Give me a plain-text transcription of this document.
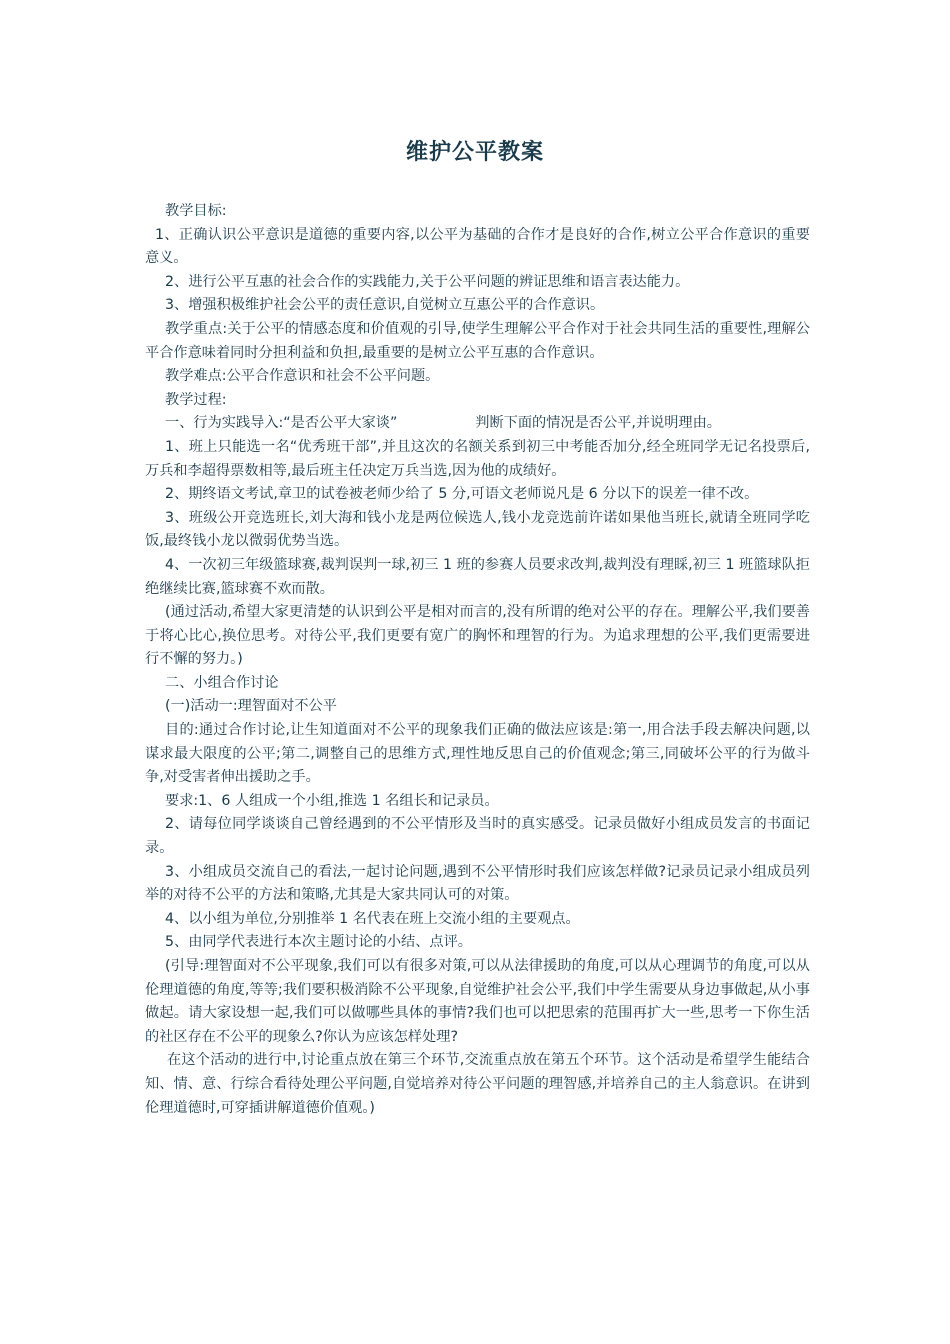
维护公平教案

教学目标:

1、正确认识公平意识是道德的重要内容,以公平为基础的合作才是良好的合作,树立公平合作意识的重要意义。

2、进行公平互惠的社会合作的实践能力,关于公平问题的辨证思维和语言表达能力。

3、增强积极维护社会公平的责任意识,自觉树立互惠公平的合作意识。

教学重点:关于公平的情感态度和价值观的引导,使学生理解公平合作对于社会共同生活的重要性,理解公平合作意味着同时分担利益和负担,最重要的是树立公平互惠的合作意识。

教学难点:公平合作意识和社会不公平问题。

教学过程:

一、行为实践导入:“是否公平大家谈”	判断下面的情况是否公平,并说明理由。

1、班上只能选一名“优秀班干部”,并且这次的名额关系到初三中考能否加分,经全班同学无记名投票后,万兵和李超得票数相等,最后班主任决定万兵当选,因为他的成绩好。

2、期终语文考试,章卫的试卷被老师少给了 5 分,可语文老师说凡是 6 分以下的误差一律不改。

3、班级公开竞选班长,刘大海和钱小龙是两位候选人,钱小龙竞选前许诺如果他当班长,就请全班同学吃饭,最终钱小龙以微弱优势当选。

4、一次初三年级篮球赛,裁判误判一球,初三 1 班的参赛人员要求改判,裁判没有理睬,初三 1 班篮球队拒绝继续比赛,篮球赛不欢而散。

(通过活动,希望大家更清楚的认识到公平是相对而言的,没有所谓的绝对公平的存在。理解公平,我们要善于将心比心,换位思考。对待公平,我们更要有宽广的胸怀和理智的行为。为追求理想的公平,我们更需要进行不懈的努力。)

二、小组合作讨论

(一)活动一:理智面对不公平

目的:通过合作讨论,让生知道面对不公平的现象我们正确的做法应该是:第一,用合法手段去解决问题,以谋求最大限度的公平;第二,调整自己的思维方式,理性地反思自己的价值观念;第三,同破坏公平的行为做斗争,对受害者伸出援助之手。

要求:1、6 人组成一个小组,推选 1 名组长和记录员。

2、请每位同学谈谈自己曾经遇到的不公平情形及当时的真实感受。记录员做好小组成员发言的书面记录。

3、小组成员交流自己的看法,一起讨论问题,遇到不公平情形时我们应该怎样做?记录员记录小组成员列举的对待不公平的方法和策略,尤其是大家共同认可的对策。

4、以小组为单位,分别推举 1 名代表在班上交流小组的主要观点。

5、由同学代表进行本次主题讨论的小结、点评。

(引导:理智面对不公平现象,我们可以有很多对策,可以从法律援助的角度,可以从心理调节的角度,可以从伦理道德的角度,等等;我们要积极消除不公平现象,自觉维护社会公平,我们中学生需要从身边事做起,从小事做起。请大家设想一起,我们可以做哪些具体的事情?我们也可以把思索的范围再扩大一些,思考一下你生活的社区存在不公平的现象么?你认为应该怎样处理?

在这个活动的进行中,讨论重点放在第三个环节,交流重点放在第五个环节。这个活动是希望学生能结合知、情、意、行综合看待处理公平问题,自觉培养对待公平问题的理智感,并培养自己的主人翁意识。在讲到伦理道德时,可穿插讲解道德价值观。)
